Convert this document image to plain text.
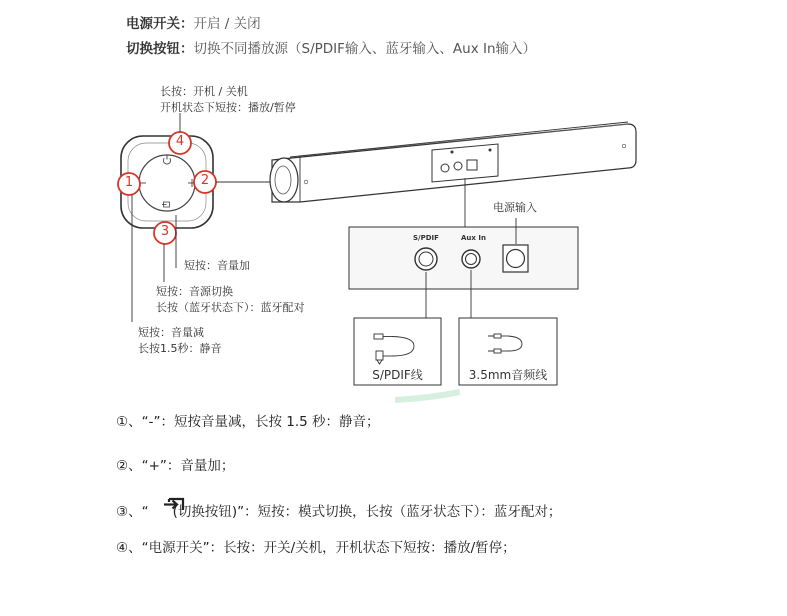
电源开关：开启 / 关闭
切换按钮：切换不同播放源（S/PDIF输入、蓝牙输入、Aux In输入）
4
1	2
3
长按：开机 / 关机
开机状态下短按：播放/暂停
短按：音量加
短按：音源切换
长按（蓝牙状态下）：蓝牙配对
短按：音量减
长按1.5秒：静音
电源输入
S/PDIF	Aux In
S/PDIF线	3.5mm音频线
①、“-”：短按音量减，长按 1.5 秒：静音；
②、“+”：音量加；
③、“ (切换按钮)”：短按：模式切换，长按（蓝牙状态下）：蓝牙配对；
④、“电源开关”：长按：开关/关机，开机状态下短按：播放/暂停；
